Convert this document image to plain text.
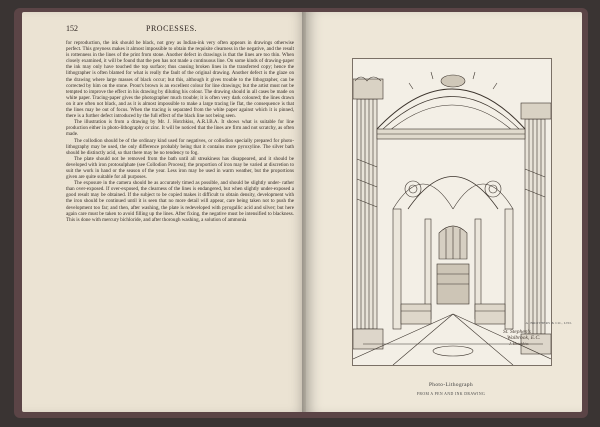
152	PROCESSES.

for reproduction, the ink should be black, not grey as Indian-ink very often appears in drawings otherwise perfect. This greyness makes it almost impossible to obtain the requisite clearness in the negative, and the result is rottenness in the lines of the print from stone. Another defect in drawings is that the lines are too thin. When closely examined, it will be found that the pen has not made a continuous line. On some kinds of drawing-paper the ink may only have touched the top surface; thus causing broken lines in the transferred copy; hence the lithographer is often blamed for what is really the fault of the original drawing. Another defect is the glaze on the drawing where large masses of black occur; but this, although it gives trouble to the lithographer, can be corrected by him on the stone. Prout's brown is an excellent colour for line drawings; but the artist must not be tempted to improve the effect in his drawing by diluting his colour. The drawing should in all cases be made on white paper. Tracing-paper gives the photographer much trouble; it is often very dark coloured; the lines drawn on it are often not black, and as it is almost impossible to make a large tracing lie flat, the consequence is that the lines may be out of focus. When the tracing is separated from the white paper against which it is pinned, there is a further defect introduced by the full effect of the black line not being seen.

The illustration is from a drawing by Mr. J. Hotchkiss, A.R.I.B.A. It shows what is suitable for line production either in photo-lithography or zinc. It will be noticed that the lines are firm and not scratchy, as often made.

The collodion should be of the ordinary kind used for negatives, or collodion specially prepared for photo-lithography may be used, the only difference probably being that it contains more pyroxyline. The silver bath should be distinctly acid, so that there may be no tendency to fog.

The plate should not be removed from the bath until all streakiness has disappeared, and it should be developed with iron protosulphate (see Collodion Process); the proportion of iron may be varied at discretion to suit the work in hand or the season of the year. Less iron may be used in warm weather, but the proportions given are quite suitable for all purposes.

The exposure in the camera should be as accurately timed as possible, and should be slightly under- rather than over-exposed. If over-exposed, the clearness of the lines is endangered, but when slightly under-exposed a good result may be obtained. If the subject to be copied makes it difficult to obtain density, development with the iron should be continued until it is seen that no more detail will appear, care being taken not to push the development too far; and then, after washing, the plate is redeveloped with pyrogallic acid and silver; but here again care must be taken to avoid filling up the lines. After fixing, the negative must be intensified to blackness. This is done with mercury bichloride, and after thorough washing, a solution of ammonia

St. Stephen's
Walbrook, E.C.
J. Hotchkiss
A. BROTHERS & CO., LTD.
Photo-Lithograph
FROM A PEN AND INK DRAWING
